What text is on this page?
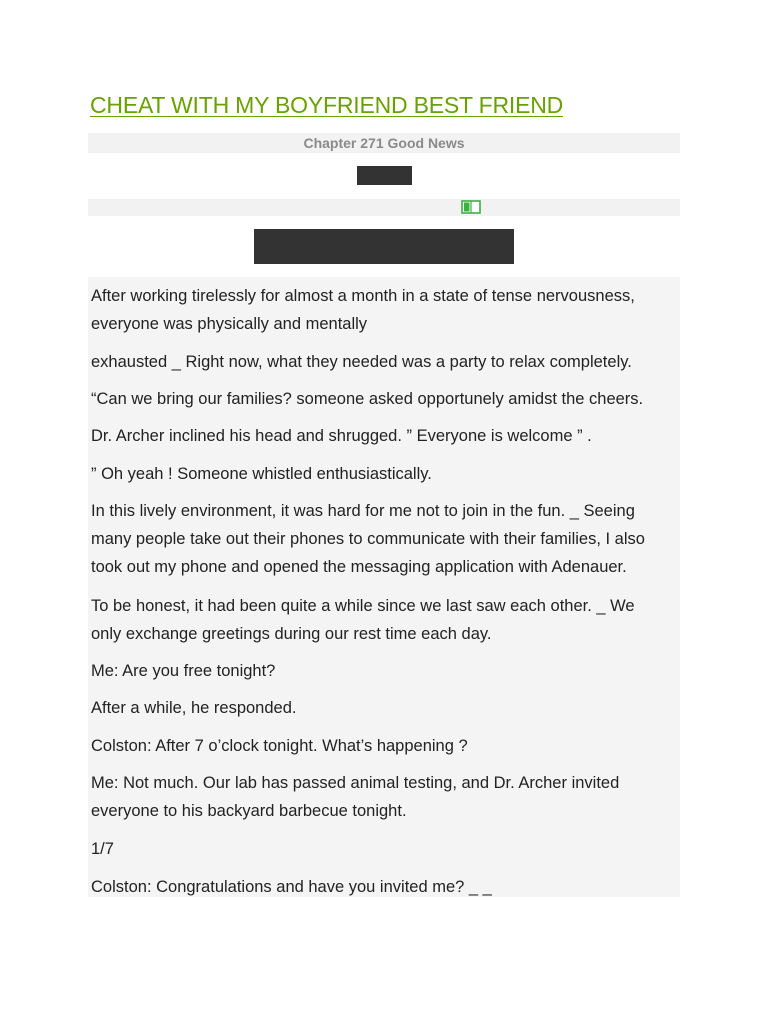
CHEAT WITH MY BOYFRIEND BEST FRIEND
Chapter 271 Good News

After working tirelessly for almost a month in a state of tense nervousness,
everyone was physically and mentally

exhausted _ Right now, what they needed was a party to relax completely.

“Can we bring our families? someone asked opportunely amidst the cheers.

Dr. Archer inclined his head and shrugged. ” Everyone is welcome ” .

” Oh yeah ! Someone whistled enthusiastically.

In this lively environment, it was hard for me not to join in the fun. _ Seeing
many people take out their phones to communicate with their families, I also
took out my phone and opened the messaging application with Adenauer.

To be honest, it had been quite a while since we last saw each other. _ We
only exchange greetings during our rest time each day.

Me: Are you free tonight?

After a while, he responded.

Colston: After 7 o’clock tonight. What’s happening ?

Me: Not much. Our lab has passed animal testing, and Dr. Archer invited
everyone to his backyard barbecue tonight.

1/7

Colston: Congratulations and have you invited me? _ _
